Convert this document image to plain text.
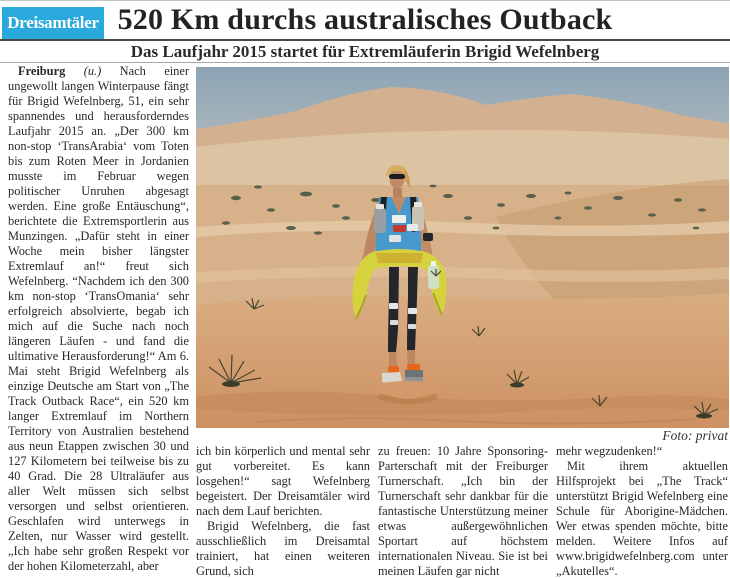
Dreisamtäler 520 Km durchs australisches Outback
Das Laufjahr 2015 startet für Extremläuferin Brigid Wefelnberg

Freiburg (u.) Nach einer ungewollt langen Winterpause fängt für Brigid Wefelnberg, 51, ein sehr spannendes und herausforderndes Laufjahr 2015 an. „Der 300 km non-stop ‘TransArabia‘ vom Toten bis zum Roten Meer in Jordanien musste im Februar wegen politischer Unruhen abgesagt werden. Eine große Entäuschung“, berichtete die Extremsportlerin aus Munzingen. „Dafür steht in einer Woche mein bisher längster Extremlauf an!“ freut sich Wefelnberg. “Nachdem ich den 300 km non-stop ‘TransOmania‘ sehr erfolgreich absolvierte, begab ich mich auf die Suche nach noch längeren Läufen - und fand die ultimative Herausforderung!“ Am 6. Mai steht Brigid Wefelnberg als einzige Deutsche am Start von „The Track Outback Race“, ein 520 km langer Extremlauf im Northern Territory von Australien bestehend aus neun Etappen zwischen 30 und 127 Kilometern bei teilweise bis zu 40 Grad. Die 28 Ultraläufer aus aller Welt müssen sich selbst versorgen und selbst orientieren. Geschlafen wird unterwegs in Zelten, nur Wasser wird gestellt. „Ich habe sehr großen Respekt vor der hohen Kilometerzahl, aber

Foto: privat

ich bin körperlich und mental sehr gut vorbereitet. Es kann losgehen!“ sagt Wefelnberg begeistert. Der Dreisamtäler wird nach dem Lauf berichten.

Brigid Wefelnberg, die fast ausschließlich im Dreisamtal trainiert, hat einen weiteren Grund, sich

zu freuen: 10 Jahre Sponsoring-Parterschaft mit der Freiburger Turnerschaft. „Ich bin der Turnerschaft sehr dankbar für die fantastische Unterstützung meiner etwas außergewöhnlichen Sportart auf höchstem internationalen Niveau. Sie ist bei meinen Läufen gar nicht

mehr wegzudenken!“

Mit ihrem aktuellen Hilfsprojekt bei „The Track“ unterstützt Brigid Wefelnberg eine Schule für Aborigine-Mädchen. Wer etwas spenden möchte, bitte melden. Weitere Infos auf www.brigidwefelnberg.com unter „Akutelles“.
